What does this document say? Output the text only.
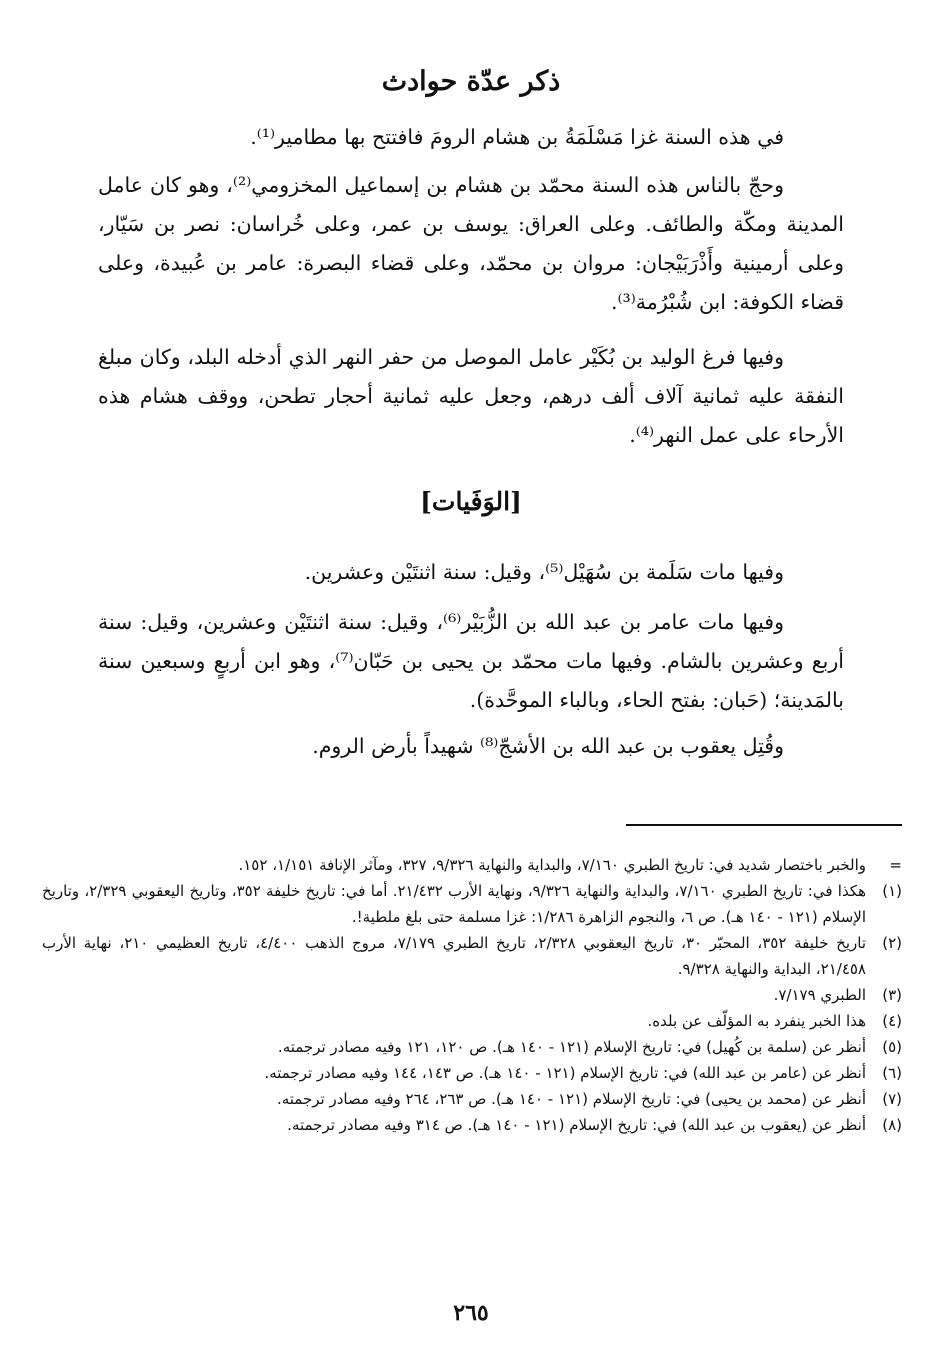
ذكر عدّة حوادث

في هذه السنة غزا مَسْلَمَةُ بن هشام الرومَ فافتتح بها مطامير⁽¹⁾.

وحجّ بالناس هذه السنة محمّد بن هشام بن إسماعيل المخزومي⁽²⁾، وهو كان عامل المدينة ومكّة والطائف. وعلى العراق: يوسف بن عمر، وعلى خُراسان: نصر بن سَيّار، وعلى أرمينية وأَذْرَبَيْجان: مروان بن محمّد، وعلى قضاء البصرة: عامر بن عُبيدة، وعلى قضاء الكوفة: ابن شُبْرُمة⁽³⁾.

وفيها فرغ الوليد بن بُكَيْر عامل الموصل من حفر النهر الذي أدخله البلد، وكان مبلغ النفقة عليه ثمانية آلاف ألف درهم، وجعل عليه ثمانية أحجار تطحن، ووقف هشام هذه الأرحاء على عمل النهر⁽⁴⁾.

[الوَفَيات]

وفيها مات سَلَمة بن سُهَيْل⁽⁵⁾، وقيل: سنة اثنتَيْن وعشرين.

وفيها مات عامر بن عبد الله بن الزُّبَيْر⁽⁶⁾، وقيل: سنة اثنتَيْن وعشرين، وقيل: سنة أربع وعشرين بالشام. وفيها مات محمّد بن يحيى بن حَبّان⁽⁷⁾، وهو ابن أربعٍ وسبعين سنة بالمَدينة؛ (حَبان: بفتح الحاء، وبالباء الموحَّدة).

وقُتِل يعقوب بن عبد الله بن الأشجّ⁽⁸⁾ شهيداً بأرض الروم.

=
والخبر باختصار شديد في: تاريخ الطبري ٧/١٦٠، والبداية والنهاية ٩/٣٢٦، ٣٢٧، ومآثر الإنافة ١/١٥١، ١٥٢.
(١)
هكذا في: تاريخ الطبري ٧/١٦٠، والبداية والنهاية ٩/٣٢٦، ونهاية الأرب ٢١/٤٣٢. أما في: تاريخ خليفة ٣٥٢، وتاريخ اليعقوبي ٢/٣٢٩، وتاريخ الإسلام (١٢١ - ١٤٠ هـ). ص ٦، والنجوم الزاهرة ١/٢٨٦: غزا مسلمة حتى بلغ ملطية!.
(٢)
تاريخ خليفة ٣٥٢، المحبّر ٣٠، تاريخ اليعقوبي ٢/٣٢٨، تاريخ الطبري ٧/١٧٩، مروج الذهب ٤/٤٠٠، تاريخ العظيمي ٢١٠، نهاية الأرب ٢١/٤٥٨، البداية والنهاية ٩/٣٢٨.
(٣)
الطبري ٧/١٧٩.
(٤)
هذا الخبر ينفرد به المؤلّف عن بلده.
(٥)
أنظر عن (سلمة بن كُهيل) في: تاريخ الإسلام (١٢١ - ١٤٠ هـ). ص ١٢٠، ١٢١ وفيه مصادر ترجمته.
(٦)
أنظر عن (عامر بن عبد الله) في: تاريخ الإسلام (١٢١ - ١٤٠ هـ). ص ١٤٣، ١٤٤ وفيه مصادر ترجمته.
(٧)
أنظر عن (محمد بن يحيى) في: تاريخ الإسلام (١٢١ - ١٤٠ هـ). ص ٢٦٣، ٢٦٤ وفيه مصادر ترجمته.
(٨)
أنظر عن (يعقوب بن عبد الله) في: تاريخ الإسلام (١٢١ - ١٤٠ هـ). ص ٣١٤ وفيه مصادر ترجمته.
٢٦٥
